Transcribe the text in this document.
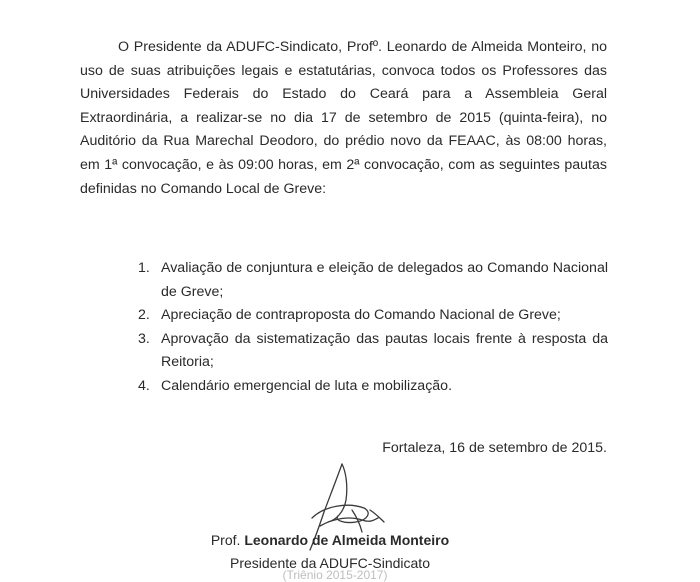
O Presidente da ADUFC-Sindicato, Profº. Leonardo de Almeida Monteiro, no uso de suas atribuições legais e estatutárias, convoca todos os Professores das Universidades Federais do Estado do Ceará para a Assembleia Geral Extraordinária, a realizar-se no dia 17 de setembro de 2015 (quinta-feira), no Auditório da Rua Marechal Deodoro, do prédio novo da FEAAC, às 08:00 horas, em 1ª convocação, e às 09:00 horas, em 2ª convocação, com as seguintes pautas definidas no Comando Local de Greve:

1. Avaliação de conjuntura e eleição de delegados ao Comando Nacional de Greve;
2. Apreciação de contraproposta do Comando Nacional de Greve;
3. Aprovação da sistematização das pautas locais frente à resposta da Reitoria;
4. Calendário emergencial de luta e mobilização.
Fortaleza, 16 de setembro de 2015.
Prof. Leonardo de Almeida Monteiro
Presidente da ADUFC-Sindicato
(Triênio 2015-2017)
